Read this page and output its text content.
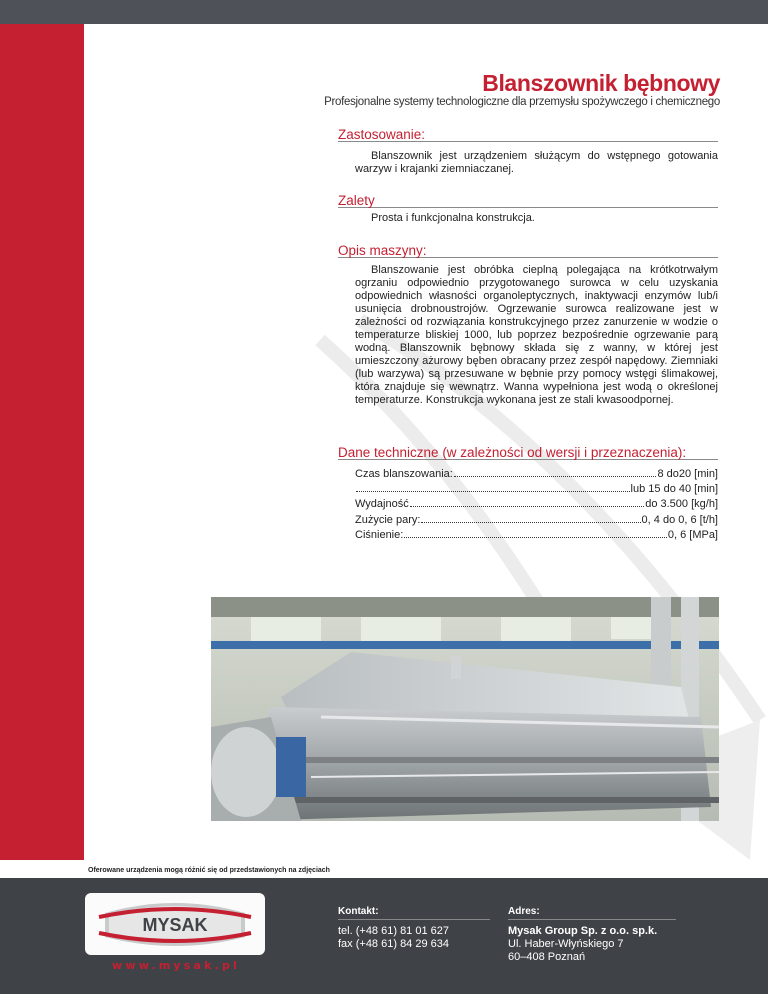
Blanszownik bębnowy
Profesjonalne systemy technologiczne dla przemysłu spożywczego i chemicznego
Zastosowanie:
Blanszownik jest urządzeniem służącym do wstępnego gotowania warzyw i krajanki ziemniaczanej.
Zalety
Prosta i funkcjonalna konstrukcja.
Opis maszyny:
Blanszowanie jest obróbka cieplną polegająca na krótkotrwałym ogrzaniu odpowiednio przygotowanego surowca w celu uzyskania odpowiednich własności organoleptycznych, inaktywacji enzymów lub/i usunięcia drobnoustrojów. Ogrzewanie surowca realizowane jest w zależności od rozwiązania konstrukcyjnego przez zanurzenie w wodzie o temperaturze bliskiej 1000, lub poprzez bezpośrednie ogrzewanie parą wodną. Blanszownik bębnowy składa się z wanny, w której jest umieszczony ażurowy bęben obracany przez zespół napędowy. Ziemniaki (lub warzywa) są przesuwane w bębnie przy pomocy wstęgi ślimakowej, która znajduje się wewnątrz. Wanna wypełniona jest wodą o określonej temperaturze. Konstrukcja wykonana jest ze stali kwasoodpornej.
Dane techniczne (w zależności od wersji i przeznaczenia):
Czas blanszowania:	8 do20 [min]
lub 15 do 40 [min]
Wydajność	do 3.500 [kg/h]
Zużycie pary:	0, 4 do 0, 6 [t/h]
Ciśnienie:	0, 6 [MPa]
Oferowane urządzenia mogą różnić się od przedstawionych na zdjęciach
MYSAK
www.mysak.pl
Kontakt:
tel. (+48 61) 81 01 627
fax (+48 61) 84 29 634
Adres:
Mysak Group Sp. z o.o. sp.k.
Ul. Haber-Włyńskiego 7
60–408 Poznań
